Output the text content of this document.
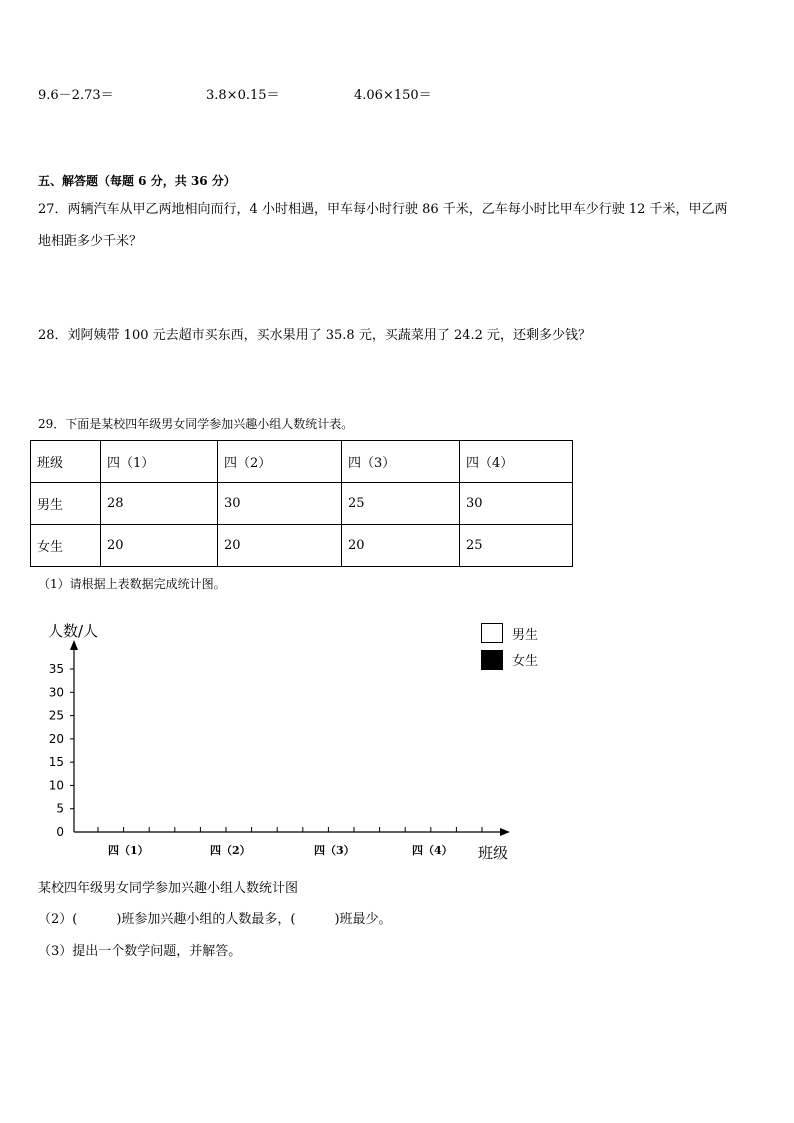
9.6－2.73＝	3.8×0.15＝	4.06×150＝
五、解答题（每题 6 分，共 36 分）
27．两辆汽车从甲乙两地相向而行，4 小时相遇，甲车每小时行驶 86 千米，乙车每小时比甲车少行驶 12 千米，甲乙两
地相距多少千米？
28．刘阿姨带 100 元去超市买东西，买水果用了 35.8 元，买蔬菜用了 24.2 元，还剩多少钱？
29．下面是某校四年级男女同学参加兴趣小组人数统计表。
班级	四（1）	四（2）	四（3）	四（4）
男生	28	30	25	30
女生	20	20	20	25
（1）请根据上表数据完成统计图。
人数/人
0
5
10
15
20
25
30
35
四（1）	四（2）	四（3）	四（4） 班级
男生
女生
某校四年级男女同学参加兴趣小组人数统计图
（2）(　　　)班参加兴趣小组的人数最多，(　　　)班最少。
（3）提出一个数学问题，并解答。
